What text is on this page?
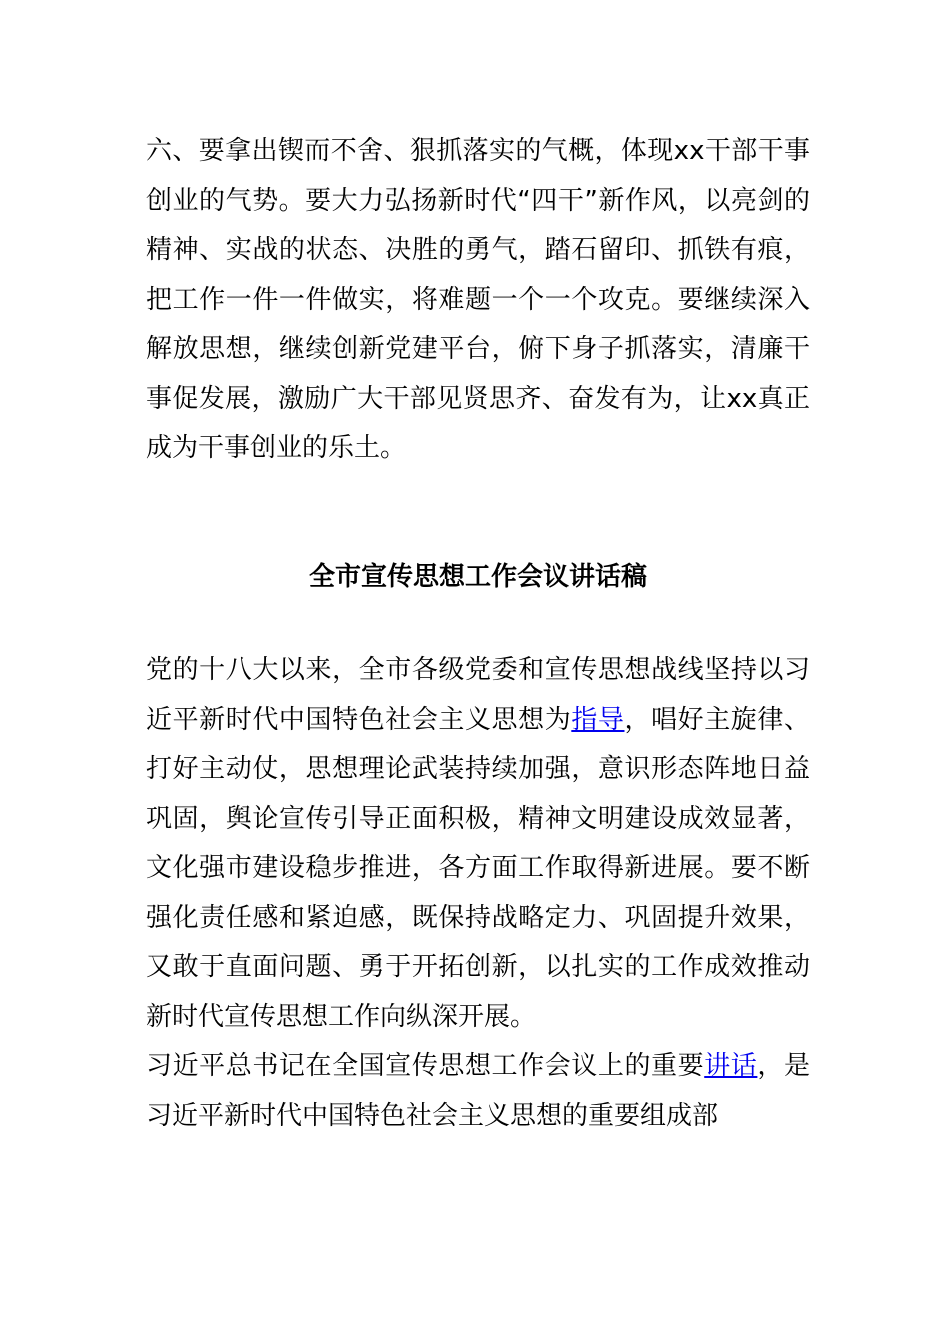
六、要拿出锲而不舍、狠抓落实的气概，体现xx干部干事创业的气势。要大力弘扬新时代“四干”新作风，以亮剑的精神、实战的状态、决胜的勇气，踏石留印、抓铁有痕，把工作一件一件做实，将难题一个一个攻克。要继续深入解放思想，继续创新党建平台，俯下身子抓落实，清廉干事促发展，激励广大干部见贤思齐、奋发有为，让xx真正成为干事创业的乐土。

全市宣传思想工作会议讲话稿

党的十八大以来，全市各级党委和宣传思想战线坚持以习近平新时代中国特色社会主义思想为指导，唱好主旋律、打好主动仗，思想理论武装持续加强，意识形态阵地日益巩固，舆论宣传引导正面积极，精神文明建设成效显著，文化强市建设稳步推进，各方面工作取得新进展。要不断强化责任感和紧迫感，既保持战略定力、巩固提升效果，又敢于直面问题、勇于开拓创新，以扎实的工作成效推动新时代宣传思想工作向纵深开展。

习近平总书记在全国宣传思想工作会议上的重要讲话，是习近平新时代中国特色社会主义思想的重要组成部
